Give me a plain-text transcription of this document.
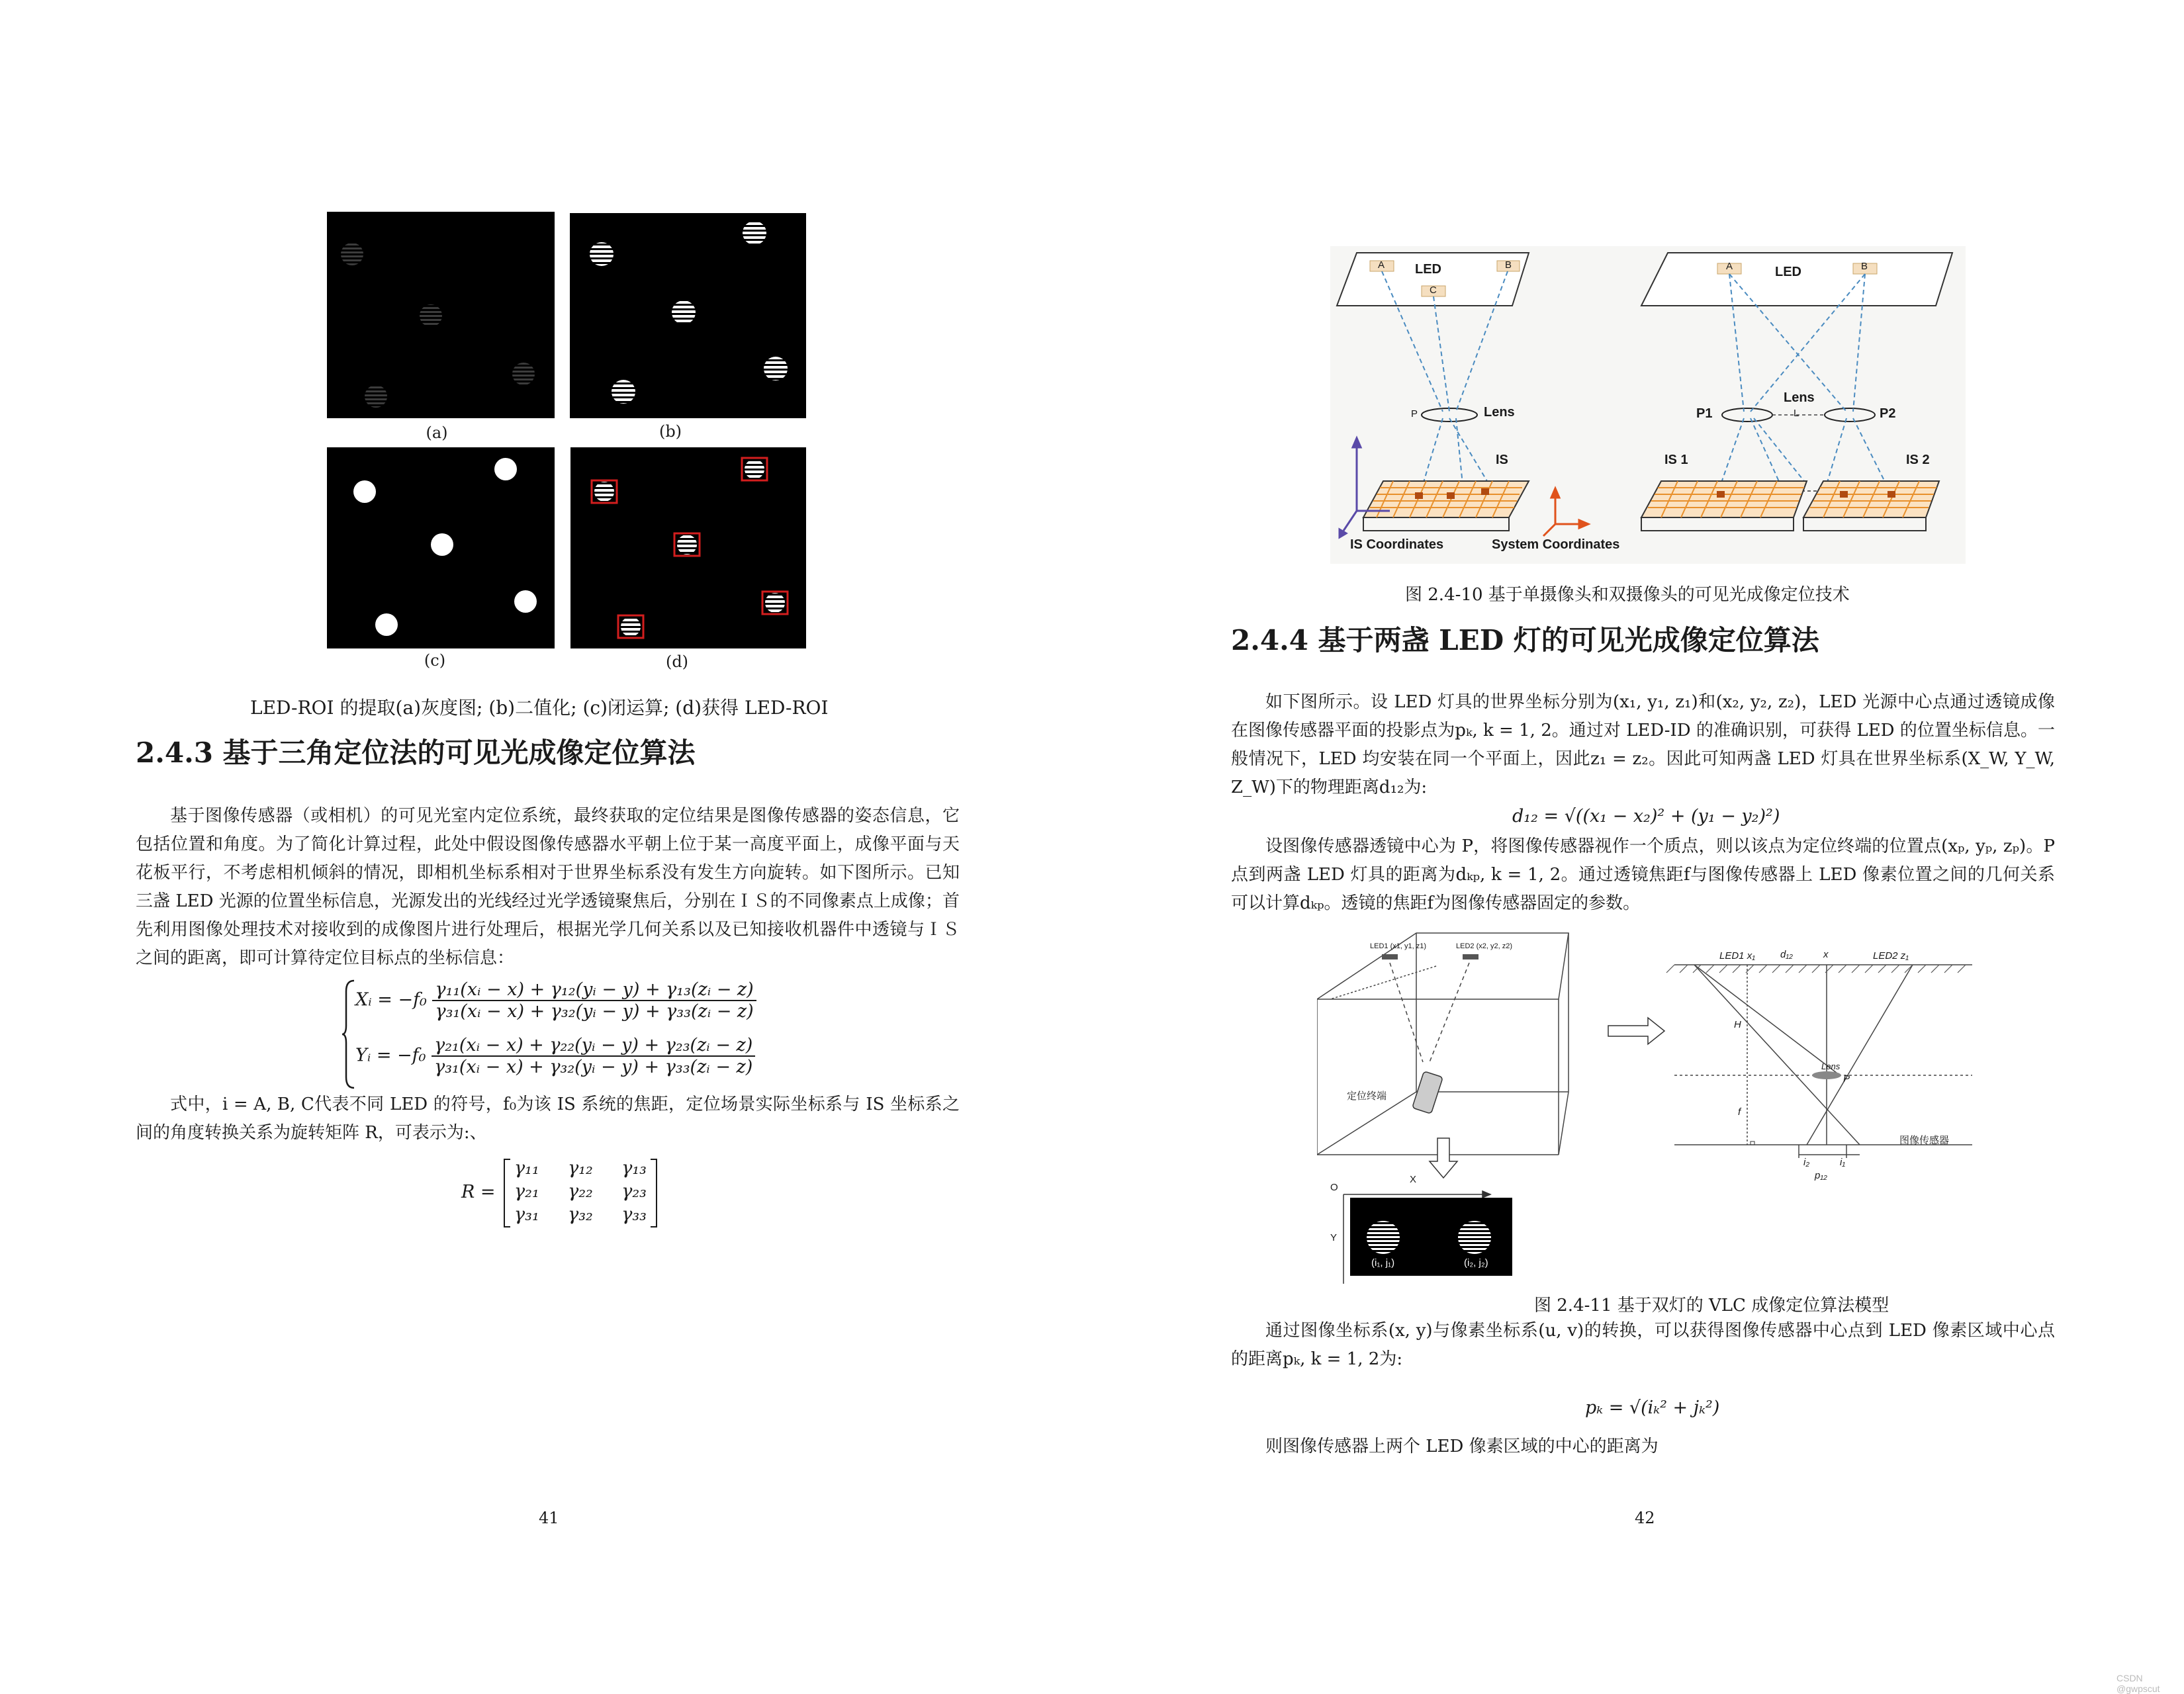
(a)	(b)
(c)	(d)
LED-ROI 的提取(a)灰度图; (b)二值化; (c)闭运算; (d)获得 LED-ROI
2.4.3 基于三角定位法的可见光成像定位算法
基于图像传感器（或相机）的可见光室内定位系统，最终获取的定位结果是图像传感器的姿态信息，它包括位置和角度。为了简化计算过程，此处中假设图像传感器水平朝上位于某一高度平面上，成像平面与天花板平行，不考虑相机倾斜的情况，即相机坐标系相对于世界坐标系没有发生方向旋转。如下图所示。已知三盏 LED 光源的位置坐标信息，光源发出的光线经过光学透镜聚焦后，分别在ＩＳ的不同像素点上成像；首先利用图像处理技术对接收到的成像图片进行处理后，根据光学几何关系以及已知接收机器件中透镜与ＩＳ之间的距离，即可计算待定位目标点的坐标信息：
Xᵢ = $-f_0 \frac{\text{γ₁₁(xᵢ − x) + γ₁₂(yᵢ − y) + γ₁₃(zᵢ − z)}}{\text{γ₃₁(xᵢ − x) + γ₃₂(yᵢ − y) + γ₃₃(zᵢ − z)}}$
Yᵢ = $-f_0 \frac{\text{γ₂₁(xᵢ − x) + γ₂₂(yᵢ − y) + γ₂₃(zᵢ − z)}}{\text{γ₃₁(xᵢ − x) + γ₃₂(yᵢ − y) + γ₃₃(zᵢ − z)}}$
式中，i = A, B, C代表不同 LED 的符号，f₀为该 IS 系统的焦距，定位场景实际坐标系与 IS 坐标系之间的角度转换关系为旋转矩阵 R，可表示为:、
R =
γ₁₁ γ₁₂ γ₁₃
γ₂₁ γ₂₂ γ₂₃
γ₃₁ γ₃₂ γ₃₃
41
LED
A	B
C
Lens
P
IS
IS Coordinates	System Coordinates
LED
A	B
Lens
L
P1	P2
IS 1	IS 2
图 2.4-10 基于单摄像头和双摄像头的可见光成像定位技术
2.4.4 基于两盏 LED 灯的可见光成像定位算法
如下图所示。设 LED 灯具的世界坐标分别为(x₁, y₁, z₁)和(x₂, y₂, z₂)，LED 光源中心点通过透镜成像在图像传感器平面的投影点为pₖ, k = 1, 2。通过对 LED-ID 的准确识别，可获得 LED 的位置坐标信息。一般情况下，LED 均安装在同一个平面上，因此z₁ = z₂。因此可知两盏 LED 灯具在世界坐标系(X_W, Y_W, Z_W)下的物理距离d₁₂为:
d₁₂ = √((x₁ − x₂)² + (y₁ − y₂)²)
设图像传感器透镜中心为 P，将图像传感器视作一个质点，则以该点为定位终端的位置点(xₚ, yₚ, zₚ)。P 点到两盏 LED 灯具的距离为dₖₚ, k = 1, 2。通过透镜焦距f与图像传感器上 LED 像素位置之间的几何关系可以计算dₖₚ。透镜的焦距f为图像传感器固定的参数。
LED1 (x1, y1, z1)	LED2 (x2, y2, z2)
定位终端
O
X
Y
(i₁, j₁)	(i₂, j₂)
LED1 x₁	d₁₂	x	LED2 z₁
H
Lens
P
f
图像传感器
i₂	i₁
p₁₂
图 2.4-11 基于双灯的 VLC 成像定位算法模型
通过图像坐标系(x, y)与像素坐标系(u, v)的转换，可以获得图像传感器中心点到 LED 像素区域中心点的距离pₖ, k = 1, 2为:
pₖ = √(iₖ² + jₖ²)
则图像传感器上两个 LED 像素区域的中心的距离为
42
CSDN @gwpscut
